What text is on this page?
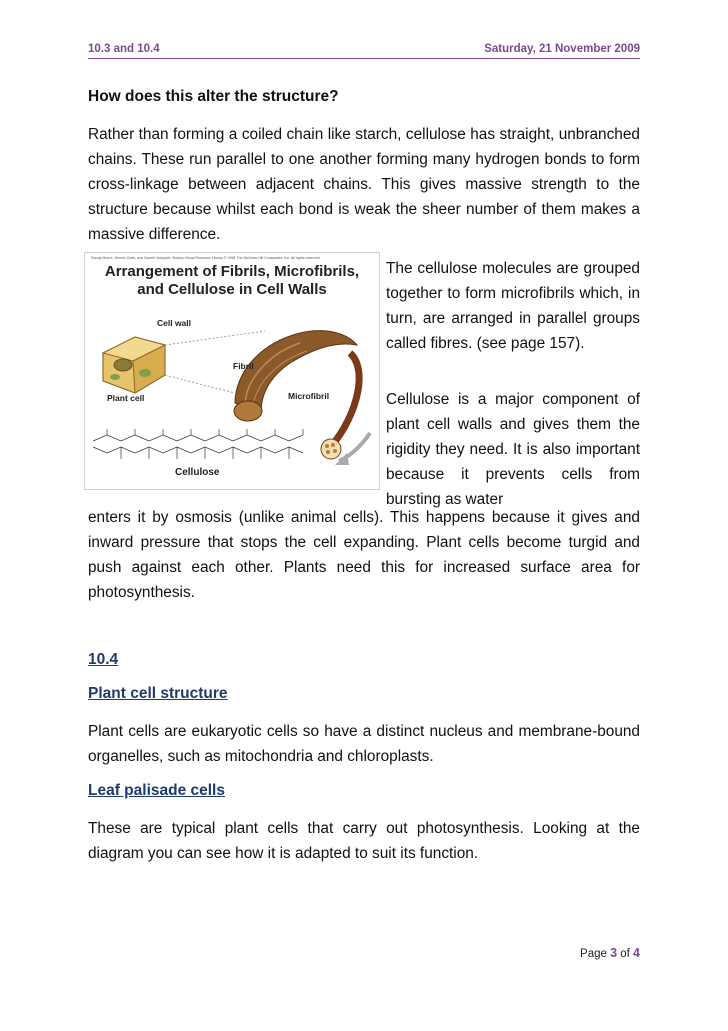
10.3 and 10.4	Saturday, 21 November 2009
How does this alter the structure?
Rather than forming a coiled chain like starch, cellulose has straight, unbranched chains. These run parallel to one another forming many hydrogen bonds to form cross-linkage between adjacent chains. This gives massive strength to the structure because whilst each bond is weak the sheer number of them makes a massive difference.
Randy Moore, Dennis Clark, and Darrell Vodopich, Botany Visual Resource Library © 1998 The McGraw-Hill Companies, Inc. All rights reserved.
Arrangement of Fibrils, Microfibrils,
and Cellulose in Cell Walls
Cell wall
Plant cell
Fibril
Microfibril
Cellulose
The cellulose molecules are grouped together to form microfibrils which, in turn, are arranged in parallel groups called fibres. (see page 157).
Cellulose is a major component of plant cell walls and gives them the rigidity they need. It is also important because it prevents cells from bursting as water
enters it by osmosis (unlike animal cells). This happens because it gives and inward pressure that stops the cell expanding. Plant cells become turgid and push against each other. Plants need this for increased surface area for photosynthesis.
10.4
Plant cell structure
Plant cells are eukaryotic cells so have a distinct nucleus and membrane-bound organelles, such as mitochondria and chloroplasts.
Leaf palisade cells
These are typical plant cells that carry out photosynthesis. Looking at the diagram you can see how it is adapted to suit its function.
Page 3 of 4
